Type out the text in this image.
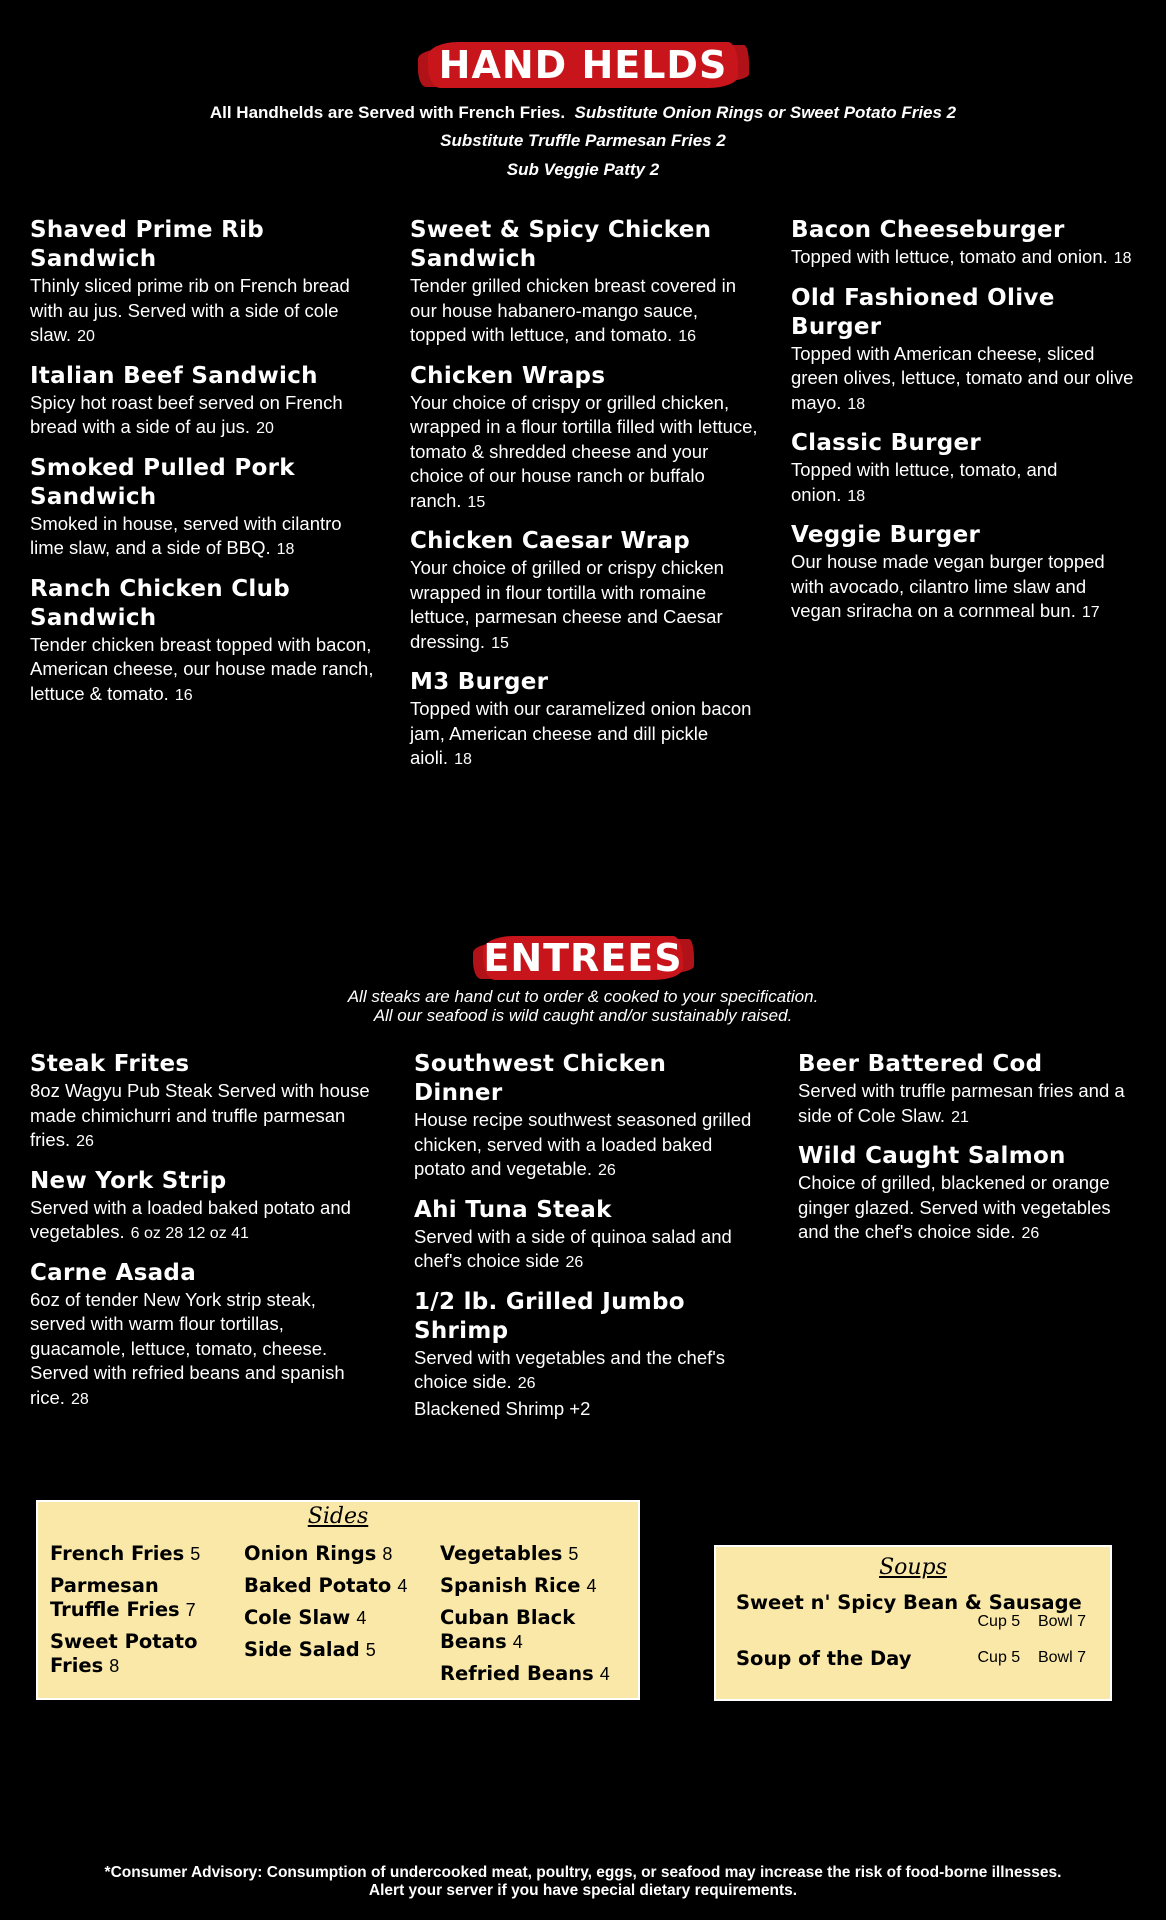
HAND HELDS
All Handhelds are Served with French Fries. Substitute Onion Rings or Sweet Potato Fries 2
Substitute Truffle Parmesan Fries 2
Sub Veggie Patty 2
Shaved Prime Rib Sandwich
Thinly sliced prime rib on French bread with au jus. Served with a side of cole slaw. 20
Italian Beef Sandwich
Spicy hot roast beef served on French bread with a side of au jus. 20
Smoked Pulled Pork Sandwich
Smoked in house, served with cilantro lime slaw, and a side of BBQ. 18
Ranch Chicken Club Sandwich
Tender chicken breast topped with bacon, American cheese, our house made ranch, lettuce & tomato. 16
Sweet & Spicy Chicken Sandwich
Tender grilled chicken breast covered in our house habanero-mango sauce, topped with lettuce, and tomato. 16
Chicken Wraps
Your choice of crispy or grilled chicken, wrapped in a flour tortilla filled with lettuce, tomato & shredded cheese and your choice of our house ranch or buffalo ranch. 15
Chicken Caesar Wrap
Your choice of grilled or crispy chicken wrapped in flour tortilla with romaine lettuce, parmesan cheese and Caesar dressing. 15
M3 Burger
Topped with our caramelized onion bacon jam, American cheese and dill pickle aioli. 18
Bacon Cheeseburger
Topped with lettuce, tomato and onion. 18
Old Fashioned Olive Burger
Topped with American cheese, sliced green olives, lettuce, tomato and our olive mayo. 18
Classic Burger
Topped with lettuce, tomato, and onion. 18
Veggie Burger
Our house made vegan burger topped with avocado, cilantro lime slaw and vegan sriracha on a cornmeal bun. 17
ENTREES
All steaks are hand cut to order & cooked to your specification.
All our seafood is wild caught and/or sustainably raised.
Steak Frites
8oz Wagyu Pub Steak Served with house made chimichurri and truffle parmesan fries. 26
New York Strip
Served with a loaded baked potato and vegetables. 6 oz 28 12 oz 41
Carne Asada
6oz of tender New York strip steak, served with warm flour tortillas, guacamole, lettuce, tomato, cheese. Served with refried beans and spanish rice. 28
Southwest Chicken Dinner
House recipe southwest seasoned grilled chicken, served with a loaded baked potato and vegetable. 26
Ahi Tuna Steak
Served with a side of quinoa salad and chef's choice side 26
1/2 lb. Grilled Jumbo Shrimp
Served with vegetables and the chef's choice side. 26
Blackened Shrimp +2
Beer Battered Cod
Served with truffle parmesan fries and a side of Cole Slaw. 21
Wild Caught Salmon
Choice of grilled, blackened or orange ginger glazed. Served with vegetables and the chef's choice side. 26
Sides
French Fries 5
Parmesan Truffle Fries 7
Sweet Potato Fries 8
Onion Rings 8
Baked Potato 4
Cole Slaw 4
Side Salad 5
Vegetables 5
Spanish Rice 4
Cuban Black Beans 4
Refried Beans 4
Soups
Sweet n' Spicy Bean & Sausage
Cup 5 Bowl 7
Soup of the Day	Cup 5 Bowl 7
*Consumer Advisory: Consumption of undercooked meat, poultry, eggs, or seafood may increase the risk of food-borne illnesses.
Alert your server if you have special dietary requirements.
